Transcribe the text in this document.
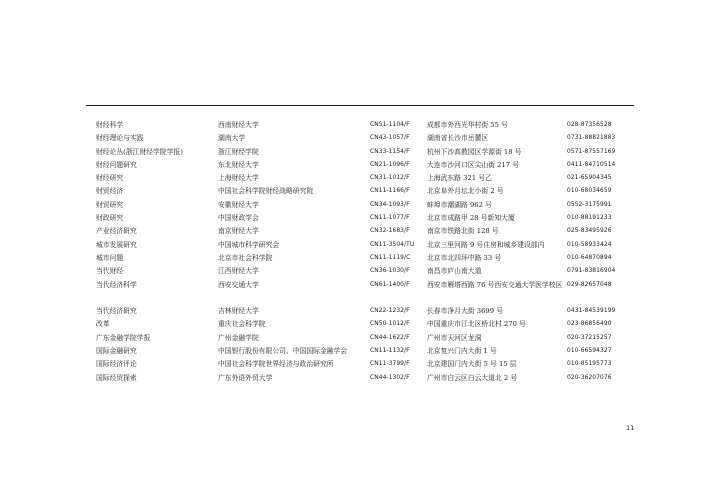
财经科学	西南财经大学	CN51-1104/F	成都市外西光华村街 55 号	028-87356528
财经理论与实践	湖南大学	CN43-1057/F	湖南省长沙市岳麓区	0731-88821883
财经论丛(浙江财经学院学报)	浙江财经学院	CN33-1154/F	杭州下沙高教园区学源街 18 号	0571-87557169
财经问题研究	东北财经大学	CN21-1096/F	大连市沙河口区尖山街 217 号	0411-84710514
财经研究	上海财经大学	CN31-1012/F	上海武东路 321 号乙	021-65904345
财贸经济	中国社会科学院财经战略研究院	CN11-1166/F	北京阜外月坛北小街 2 号	010-68034659
财贸研究	安徽财经大学	CN34-1093/F	蚌埠市潮湖路 962 号	0552-3175991
财政研究	中国财政学会	CN11-1077/F	北京市成路甲 28 号新知大厦	010-88191233
产业经济研究	南京财经大学	CN32-1683/F	南京市铁路北街 128 号	025-83495926
城市发展研究	中国城市科学研究会	CN11-3504/TU 北京三里河路 9 号住房和城乡建设部内	010-58933424
城市问题	北京市社会科学院	CN11-1119/C 北京市北四环中路 33 号	010-64870894
当代财经	江西财经大学	CN36-1030/F	南昌市庐山南大道	0791-83816904
当代经济科学	西安交通大学	CN61-1400/F	西安市雁塔西路 76 号西安交通大学医学校区 029-82657048
当代经济研究	吉林财经大学	CN22-1232/F	长春市净月大街 3699 号	0431-84539199
改革	重庆社会科学院	CN50-1012/F	中国重庆市江北区桥北村 270 号	023-86856490
广东金融学院学报	广州金融学院	CN44-1622/F	广州市天河区龙洞	020-37215257
国际金融研究	中国银行股份有限公司、中国国际金融学会	CN11-1132/F	北京复兴门内大街 1 号	010-66594327
国际经济评论	中国社会科学院世界经济与政治研究所	CN11-3799/F	北京建国门内大街 5 号 15 层	010-85195773
国际经贸探索	广东外语外贸大学	CN44-1302/F	广州市白云区白云大道北 2 号	020-36207076
11
